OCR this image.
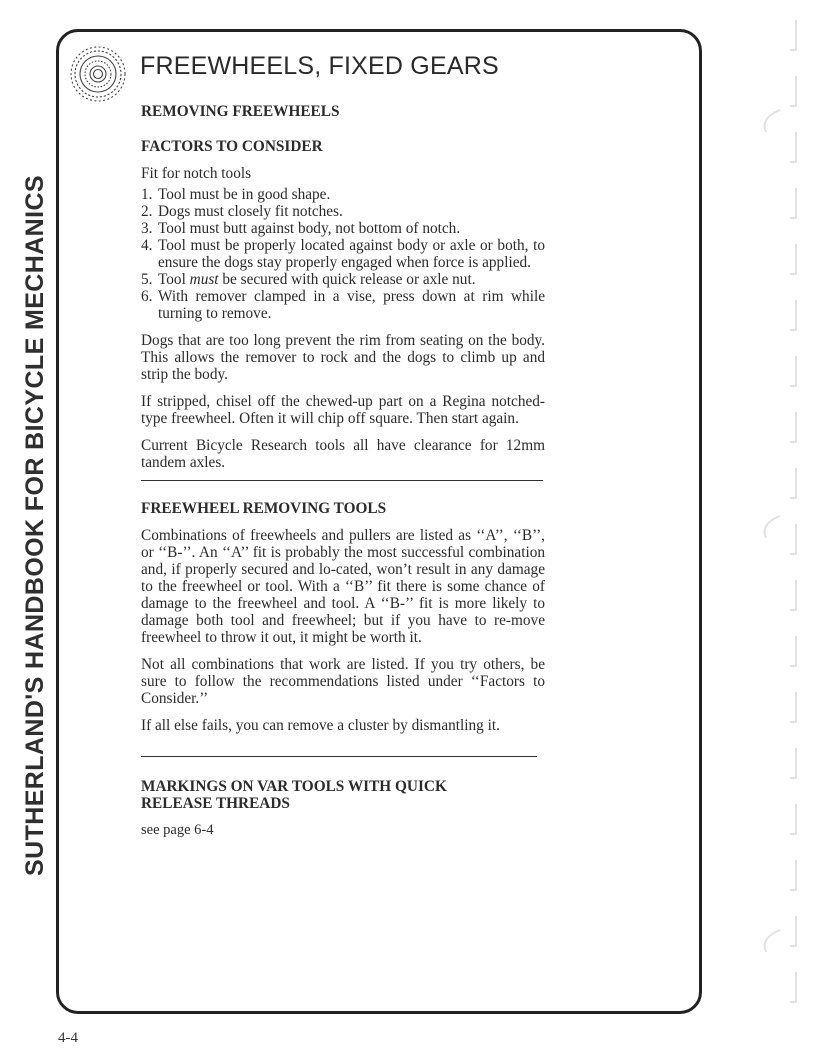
SUTHERLAND'S HANDBOOK FOR BICYCLE MECHANICS
FREEWHEELS, FIXED GEARS
REMOVING FREEWHEELS
FACTORS TO CONSIDER

Fit for notch tools

1. Tool must be in good shape.
2. Dogs must closely fit notches.
3. Tool must butt against body, not bottom of notch.
4. Tool must be properly located against body or axle or both, to ensure the dogs stay properly engaged when force is applied.
5. Tool must be secured with quick release or axle nut.
6. With remover clamped in a vise, press down at rim while turning to remove.

Dogs that are too long prevent the rim from seating on the body. This allows the remover to rock and the dogs to climb up and strip the body.

If stripped, chisel off the chewed-up part on a Regina notched-type freewheel. Often it will chip off square. Then start again.

Current Bicycle Research tools all have clearance for 12mm tandem axles.

FREEWHEEL REMOVING TOOLS

Combinations of freewheels and pullers are listed as ‘‘A’’, ‘‘B’’, or ‘‘B-’’. An ‘‘A’’ fit is probably the most successful combination and, if properly secured and lo-cated, won’t result in any damage to the freewheel or tool. With a ‘‘B’’ fit there is some chance of damage to the freewheel and tool. A ‘‘B-’’ fit is more likely to damage both tool and freewheel; but if you have to re-move freewheel to throw it out, it might be worth it.

Not all combinations that work are listed. If you try others, be sure to follow the recommendations listed under ‘‘Factors to Consider.’’

If all else fails, you can remove a cluster by dismantling it.

MARKINGS ON VAR TOOLS WITH QUICK
RELEASE THREADS

see page 6-4

4-4
